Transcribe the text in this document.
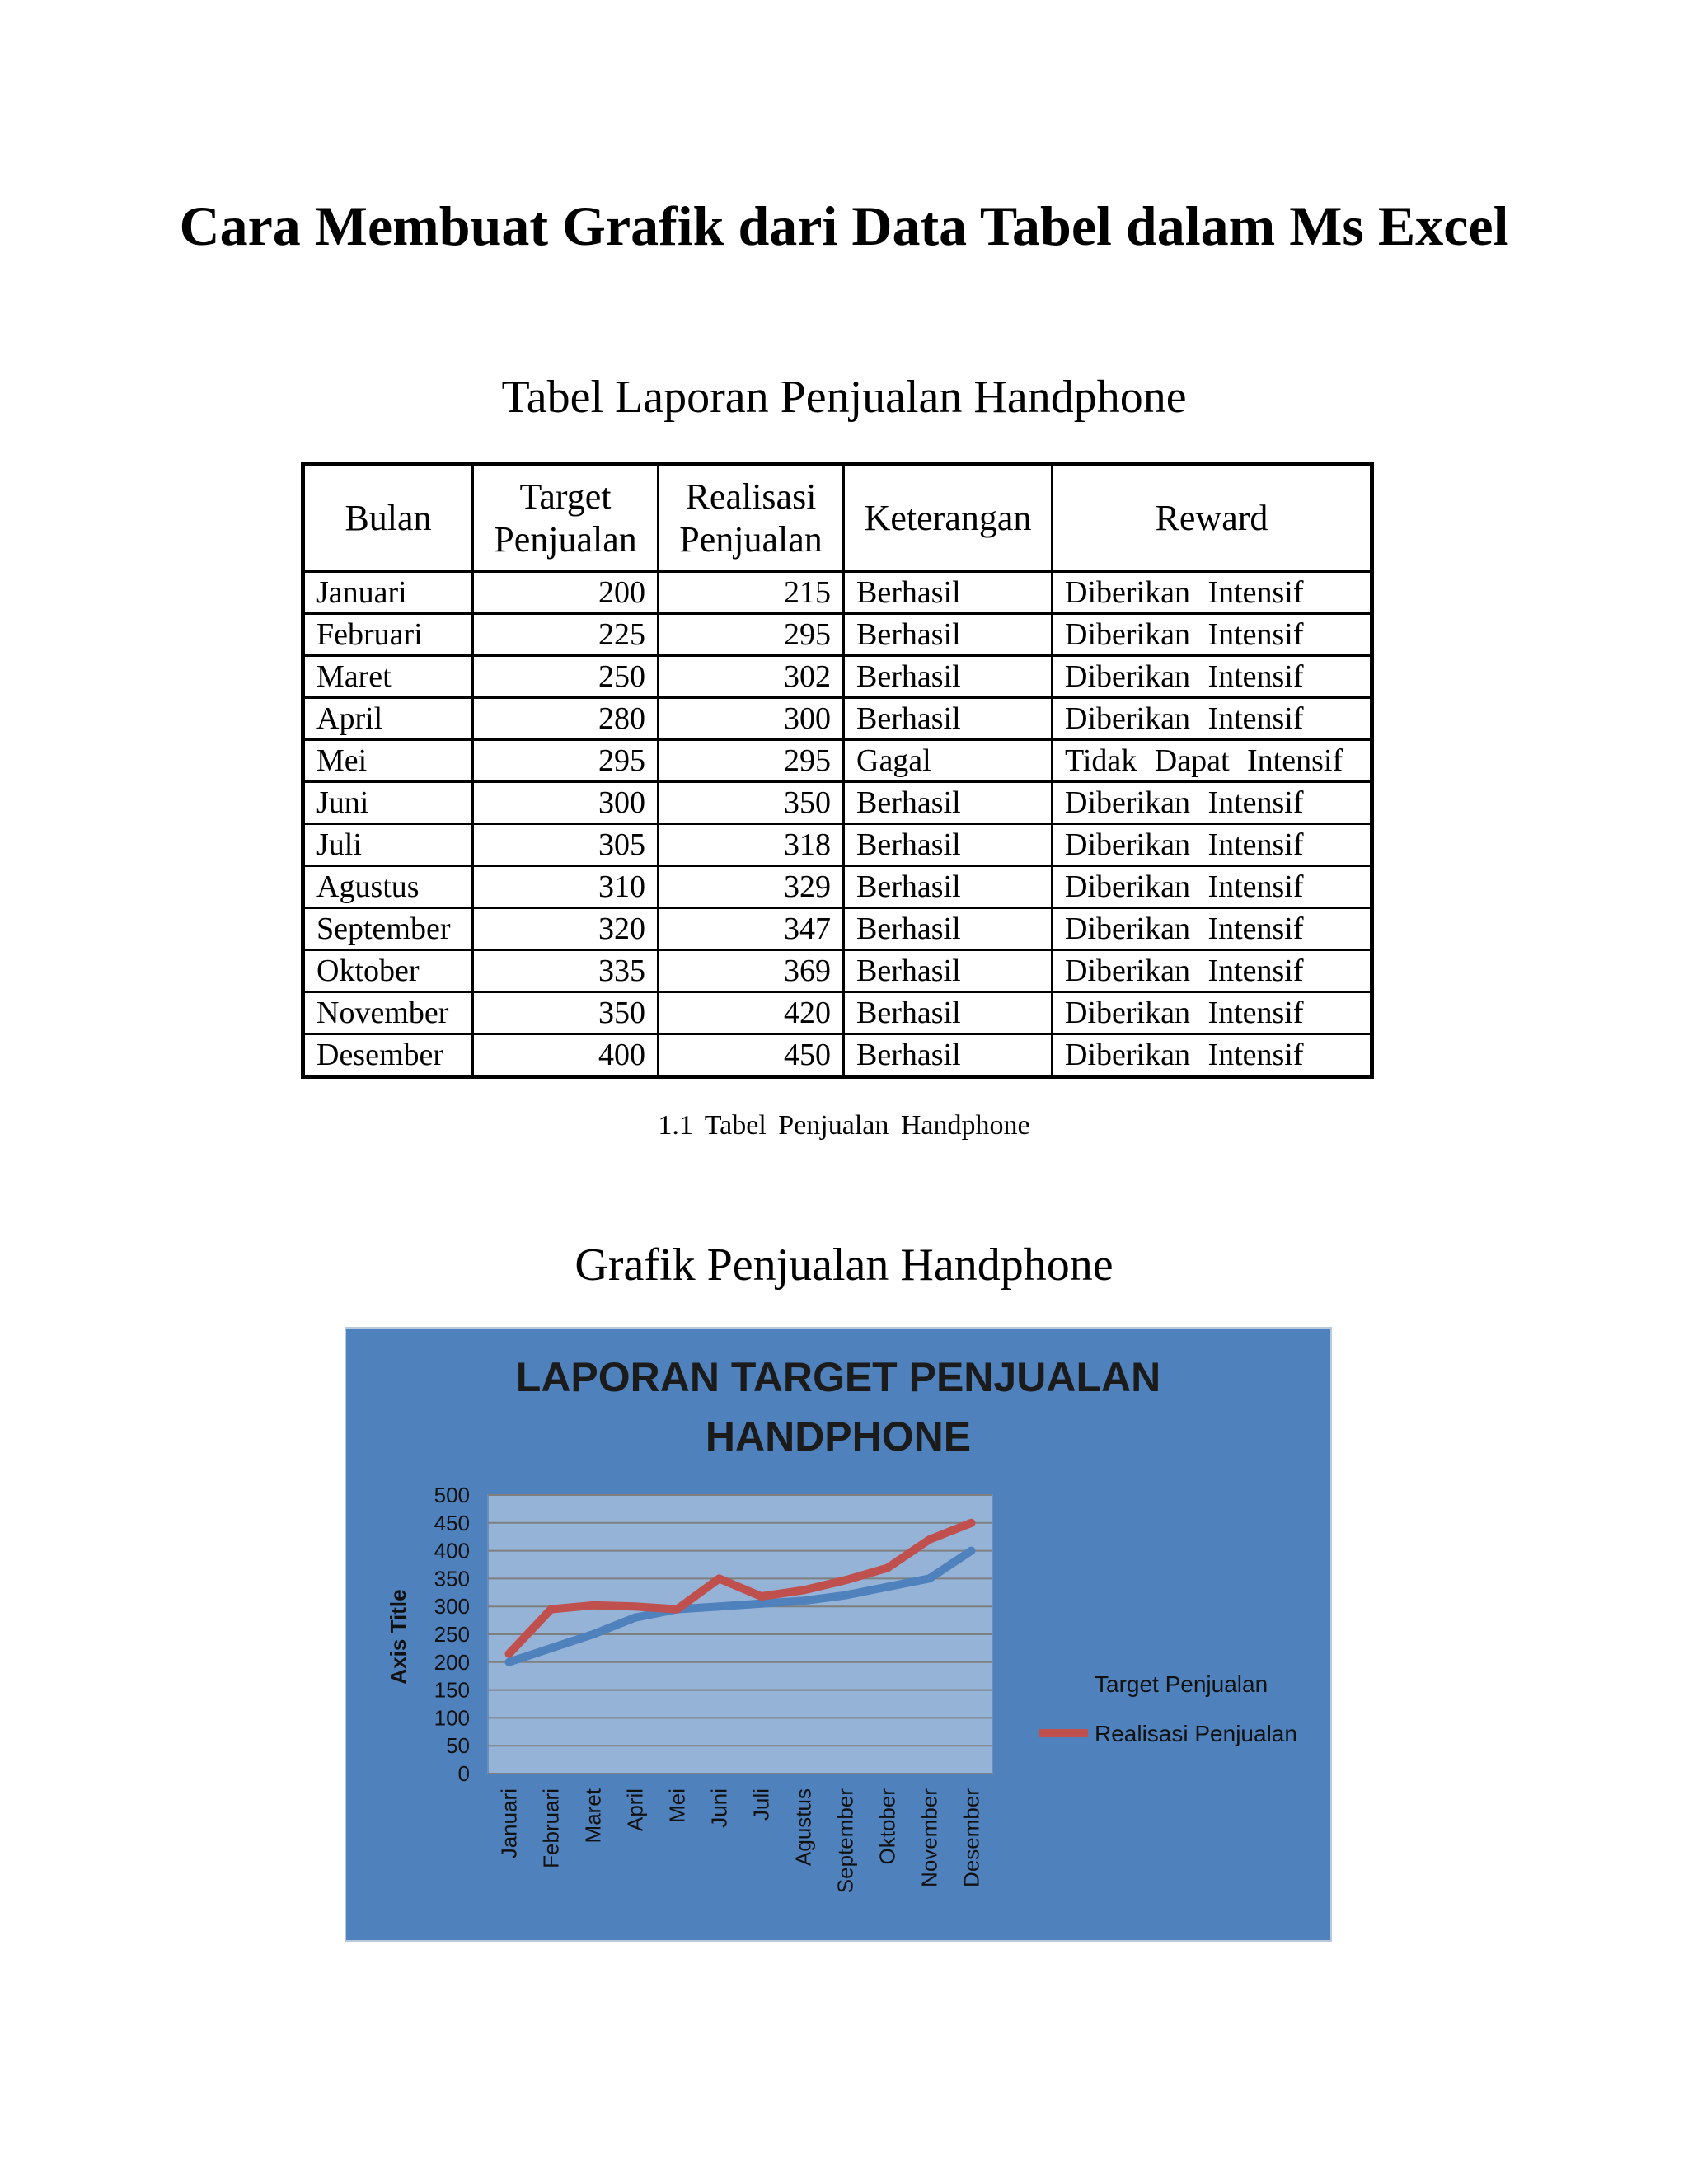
Cara Membuat Grafik dari Data Tabel dalam Ms Excel
Tabel Laporan Penjualan Handphone
Bulan	Target Penjualan	Realisasi Penjualan	Keterangan	Reward
Januari	200	215	Berhasil	Diberikan Intensif
Februari	225	295	Berhasil	Diberikan Intensif
Maret	250	302	Berhasil	Diberikan Intensif
April	280	300	Berhasil	Diberikan Intensif
Mei	295	295	Gagal	Tidak Dapat Intensif
Juni	300	350	Berhasil	Diberikan Intensif
Juli	305	318	Berhasil	Diberikan Intensif
Agustus	310	329	Berhasil	Diberikan Intensif
September	320	347	Berhasil	Diberikan Intensif
Oktober	335	369	Berhasil	Diberikan Intensif
November	350	420	Berhasil	Diberikan Intensif
Desember	400	450	Berhasil	Diberikan Intensif
1.1 Tabel Penjualan Handphone
Grafik Penjualan Handphone
LAPORAN TARGET PENJUALAN
HANDPHONE
0
50
100
150
200
250
300
350
400
450
500
Axis Title
Januari Februari Maret April Mei Juni Juli Agustus September Oktober November Desember
Target Penjualan
Realisasi Penjualan
